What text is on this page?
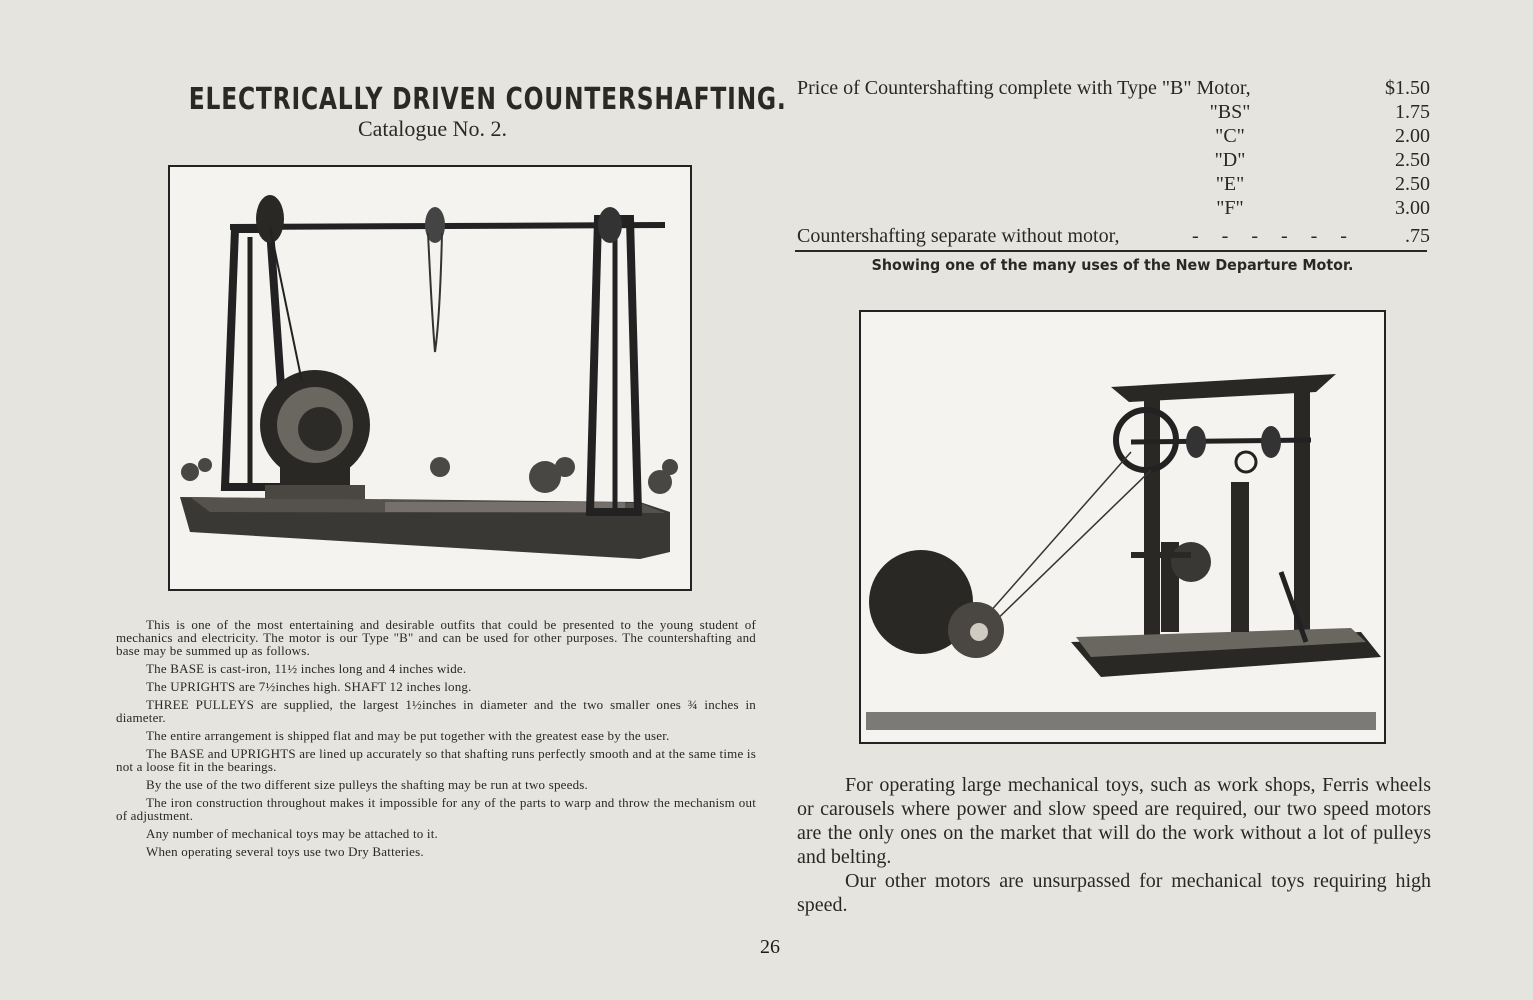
ELECTRICALLY DRIVEN COUNTERSHAFTING.
Catalogue No. 2.

This is one of the most entertaining and desirable outfits that could be presented to the young student of mechanics and electricity. The motor is our Type "B" and can be used for other purposes. The countershafting and base may be summed up as follows.

The BASE is cast-iron, 11½ inches long and 4 inches wide.

The UPRIGHTS are 7½inches high. SHAFT 12 inches long.

THREE PULLEYS are supplied, the largest 1½inches in diameter and the two smaller ones ¾ inches in diameter.

The entire arrangement is shipped flat and may be put together with the greatest ease by the user.

The BASE and UPRIGHTS are lined up accurately so that shafting runs perfectly smooth and at the same time is not a loose fit in the bearings.

By the use of the two different size pulleys the shafting may be run at two speeds.

The iron construction throughout makes it impossible for any of the parts to warp and throw the mechanism out of adjustment.

Any number of mechanical toys may be attached to it.

When operating several toys use two Dry Batteries.

Price of Countershafting complete with Type "B" Motor,	$1.50
"BS"	1.75
"C"	2.00
"D"	2.50
"E"	2.50
"F"	3.00
Countershafting separate without motor,	- - - - - -	.75
Showing one of the many uses of the New Departure Motor.

For operating large mechanical toys, such as work shops, Ferris wheels or carousels where power and slow speed are required, our two speed motors are the only ones on the market that will do the work without a lot of pulleys and belting.

Our other motors are unsurpassed for mechanical toys requiring high speed.

26
